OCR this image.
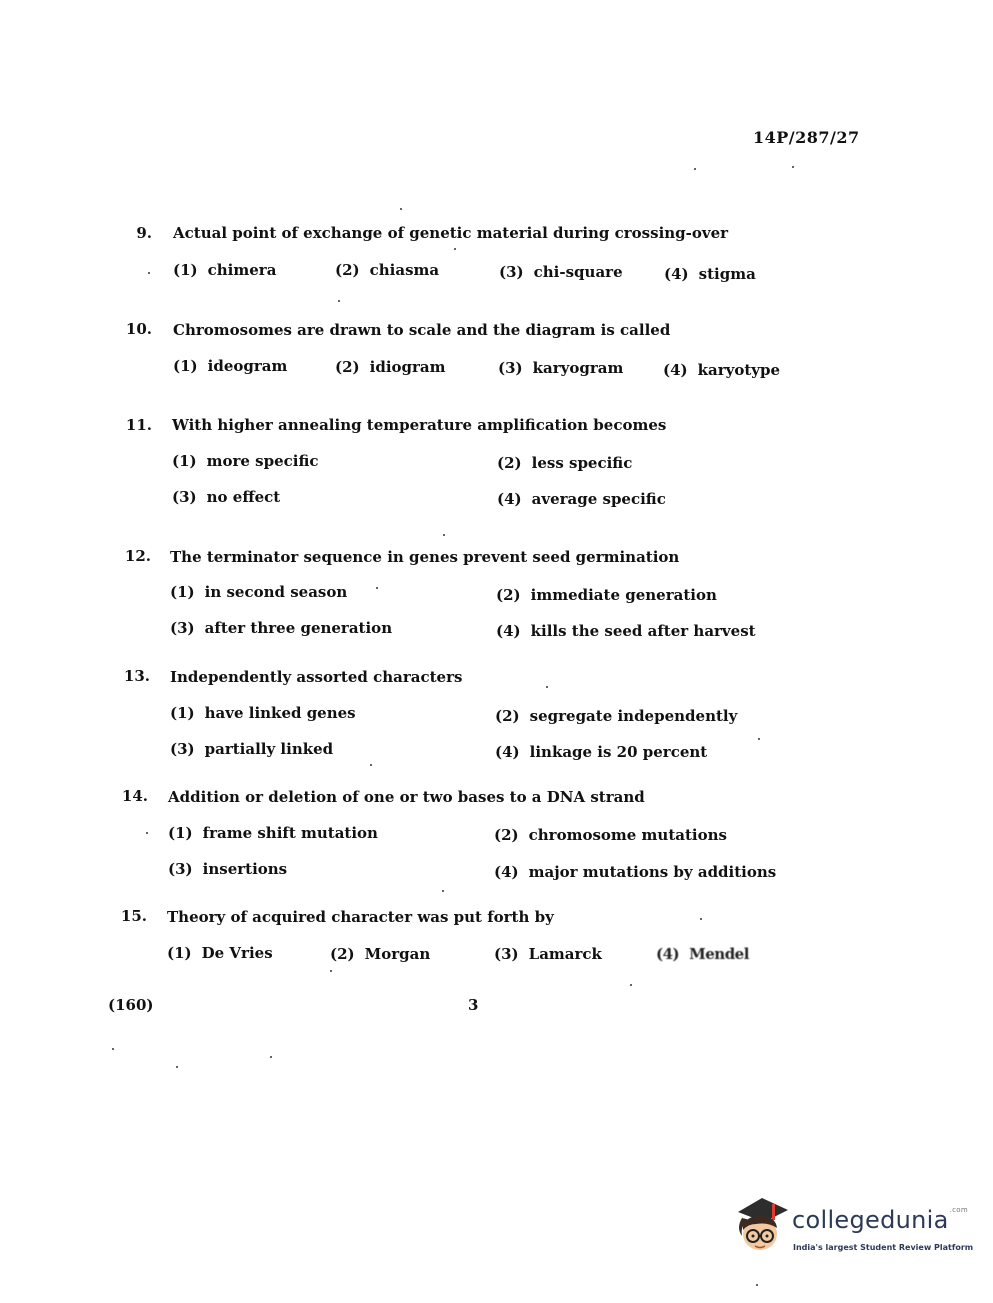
14P/287/27
9. Actual point of exchange of genetic material during crossing-over
(1) chimera	(2) chiasma	(3) chi-square	(4) stigma
10. Chromosomes are drawn to scale and the diagram is called
(1) ideogram	(2) idiogram	(3) karyogram	(4) karyotype
11. With higher annealing temperature amplification becomes
(1) more specific	(2) less specific
(3) no effect	(4) average specific
12. The terminator sequence in genes prevent seed germination
(1) in second season	(2) immediate generation
(3) after three generation	(4) kills the seed after harvest
13. Independently assorted characters
(1) have linked genes	(2) segregate independently
(3) partially linked	(4) linkage is 20 percent
14. Addition or deletion of one or two bases to a DNA strand
(1) frame shift mutation	(2) chromosome mutations
(3) insertions	(4) major mutations by additions
15. Theory of acquired character was put forth by
(1) De Vries	(2) Morgan	(3) Lamarck	(4) Mendel
(160)	3
collegedunia$^{.com}$
India's largest Student Review Platform
